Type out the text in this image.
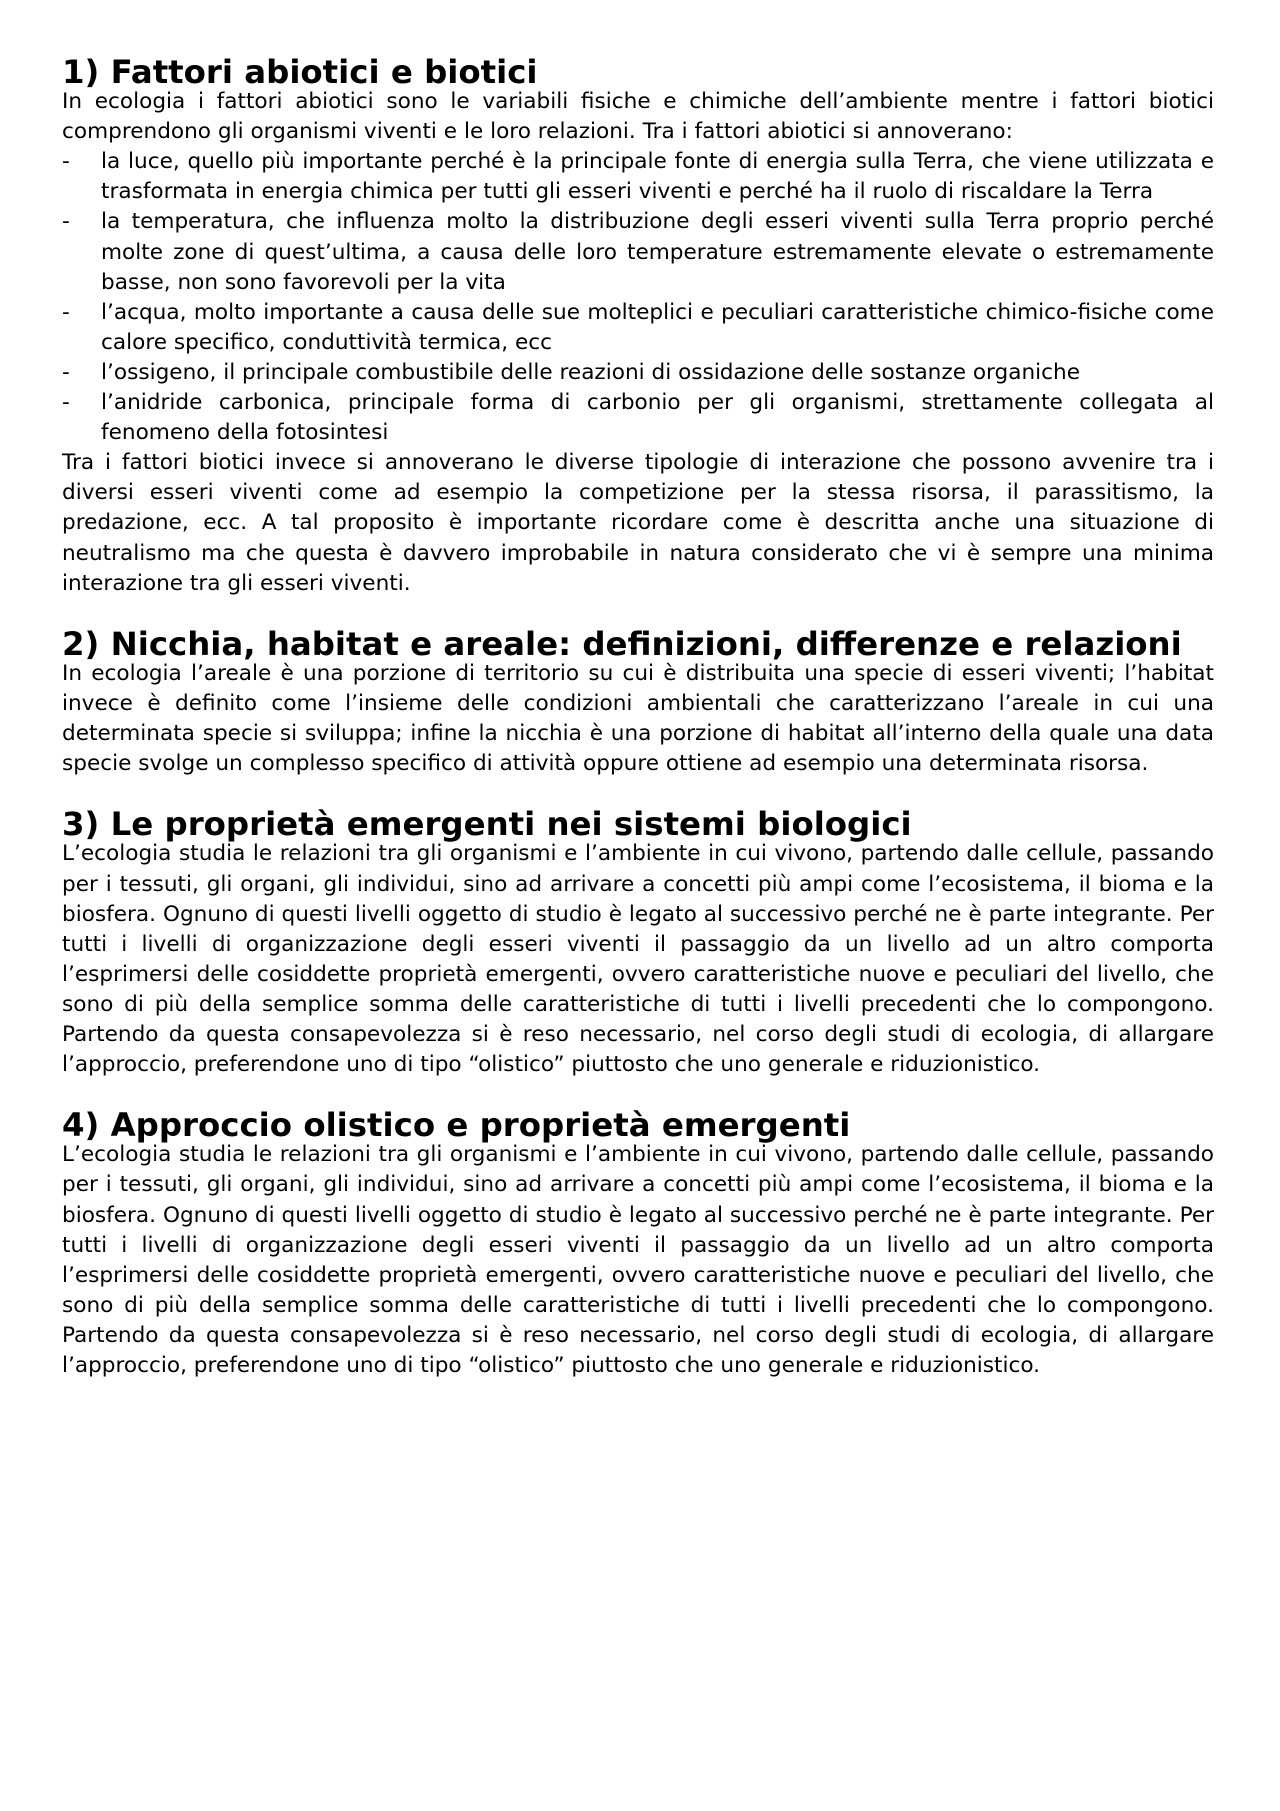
1) Fattori abiotici e biotici

In ecologia i fattori abiotici sono le variabili fisiche e chimiche dell’ambiente mentre i fattori biotici comprendono gli organismi viventi e le loro relazioni. Tra i fattori abiotici si annoverano:

- la luce, quello più importante perché è la principale fonte di energia sulla Terra, che viene utilizzata e trasformata in energia chimica per tutti gli esseri viventi e perché ha il ruolo di riscaldare la Terra
- la temperatura, che influenza molto la distribuzione degli esseri viventi sulla Terra proprio perché molte zone di quest’ultima, a causa delle loro temperature estremamente elevate o estremamente basse, non sono favorevoli per la vita
- l’acqua, molto importante a causa delle sue molteplici e peculiari caratteristiche chimico-fisiche come calore specifico, conduttività termica, ecc
- l’ossigeno, il principale combustibile delle reazioni di ossidazione delle sostanze organiche
- l’anidride carbonica, principale forma di carbonio per gli organismi, strettamente collegata al fenomeno della fotosintesi

Tra i fattori biotici invece si annoverano le diverse tipologie di interazione che possono avvenire tra i diversi esseri viventi come ad esempio la competizione per la stessa risorsa, il parassitismo, la predazione, ecc. A tal proposito è importante ricordare come è descritta anche una situazione di neutralismo ma che questa è davvero improbabile in natura considerato che vi è sempre una minima interazione tra gli esseri viventi.

2) Nicchia, habitat e areale: definizioni, differenze e relazioni

In ecologia l’areale è una porzione di territorio su cui è distribuita una specie di esseri viventi; l’habitat invece è definito come l’insieme delle condizioni ambientali che caratterizzano l’areale in cui una determinata specie si sviluppa; infine la nicchia è una porzione di habitat all’interno della quale una data specie svolge un complesso specifico di attività oppure ottiene ad esempio una determinata risorsa.

3) Le proprietà emergenti nei sistemi biologici

L’ecologia studia le relazioni tra gli organismi e l’ambiente in cui vivono, partendo dalle cellule, passando per i tessuti, gli organi, gli individui, sino ad arrivare a concetti più ampi come l’ecosistema, il bioma e la biosfera. Ognuno di questi livelli oggetto di studio è legato al successivo perché ne è parte integrante. Per tutti i livelli di organizzazione degli esseri viventi il passaggio da un livello ad un altro comporta l’esprimersi delle cosiddette proprietà emergenti, ovvero caratteristiche nuove e peculiari del livello, che sono di più della semplice somma delle caratteristiche di tutti i livelli precedenti che lo compongono. Partendo da questa consapevolezza si è reso necessario, nel corso degli studi di ecologia, di allargare l’approccio, preferendone uno di tipo “olistico” piuttosto che uno generale e riduzionistico.

4) Approccio olistico e proprietà emergenti

L’ecologia studia le relazioni tra gli organismi e l’ambiente in cui vivono, partendo dalle cellule, passando per i tessuti, gli organi, gli individui, sino ad arrivare a concetti più ampi come l’ecosistema, il bioma e la biosfera. Ognuno di questi livelli oggetto di studio è legato al successivo perché ne è parte integrante. Per tutti i livelli di organizzazione degli esseri viventi il passaggio da un livello ad un altro comporta l’esprimersi delle cosiddette proprietà emergenti, ovvero caratteristiche nuove e peculiari del livello, che sono di più della semplice somma delle caratteristiche di tutti i livelli precedenti che lo compongono. Partendo da questa consapevolezza si è reso necessario, nel corso degli studi di ecologia, di allargare l’approccio, preferendone uno di tipo “olistico” piuttosto che uno generale e riduzionistico.
